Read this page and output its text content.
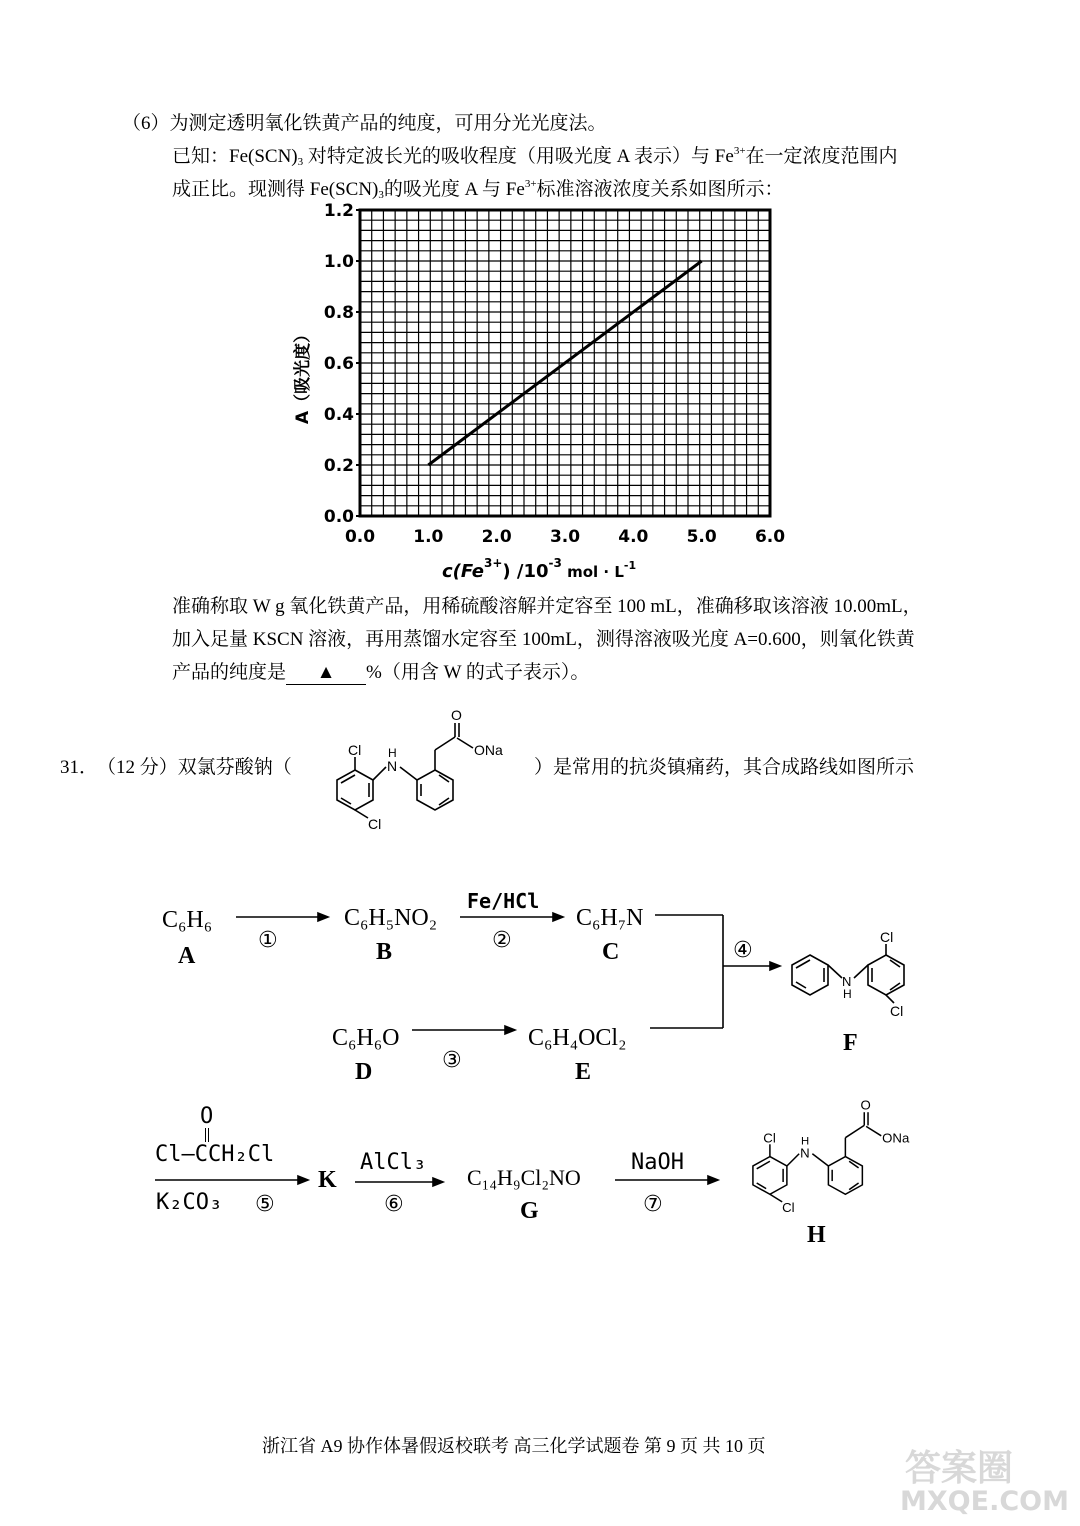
（6）为测定透明氧化铁黄产品的纯度，可用分光光度法。
已知：$Fe(SCN)_3$ 对特定波长光的吸收程度（用吸光度 A 表示）与 $Fe^{3+}$在一定浓度范围内
成正比。现测得 $Fe(SCN)_3$的吸光度 A 与 $Fe^{3+}$标准溶液浓度关系如图所示：
0.0 1.0 2.0 3.0 4.0 5.0 6.0
0.0
0.2
0.4
0.6
0.8
1.0
1.2
A（吸光度）
$c(Fe^{3+})$ $/10^{-3}$ $_{mol \cdot L}^{-1}$
准确称取 W g 氧化铁黄产品，用稀硫酸溶解并定容至 100 mL，准确移取该溶液 10.00mL，
加入足量 KSCN 溶液，再用蒸馏水定容至 100mL，测得溶液吸光度 A=0.600，则氧化铁黄
产品的纯度是 ▲ %（用含 W 的式子表示）。
31．
（12 分）双氯芬酸钠（
Cl
N
H
Cl
O
ONa
）是常用的抗炎镇痛药，其合成路线如图所示
C₆H₆
A
①
C₆H₅NO₂
B
Fe/HCl
②
C₆H₇N
C
C₆H₆O
D	③
C₆H₄OCl₂
E
④
N
H
Cl
Cl
F
O
Cl—CCH₂Cl
K₂CO₃ ⑤
K
AlCl₃
⑥
C₁₄H₉Cl₂NO
G
NaOH
⑦
Cl
N
H
Cl
O
ONa
H
浙江省 A9 协作体暑假返校联考 高三化学试题卷 第 9 页 共 10 页
答案圈
MXQE.COM
